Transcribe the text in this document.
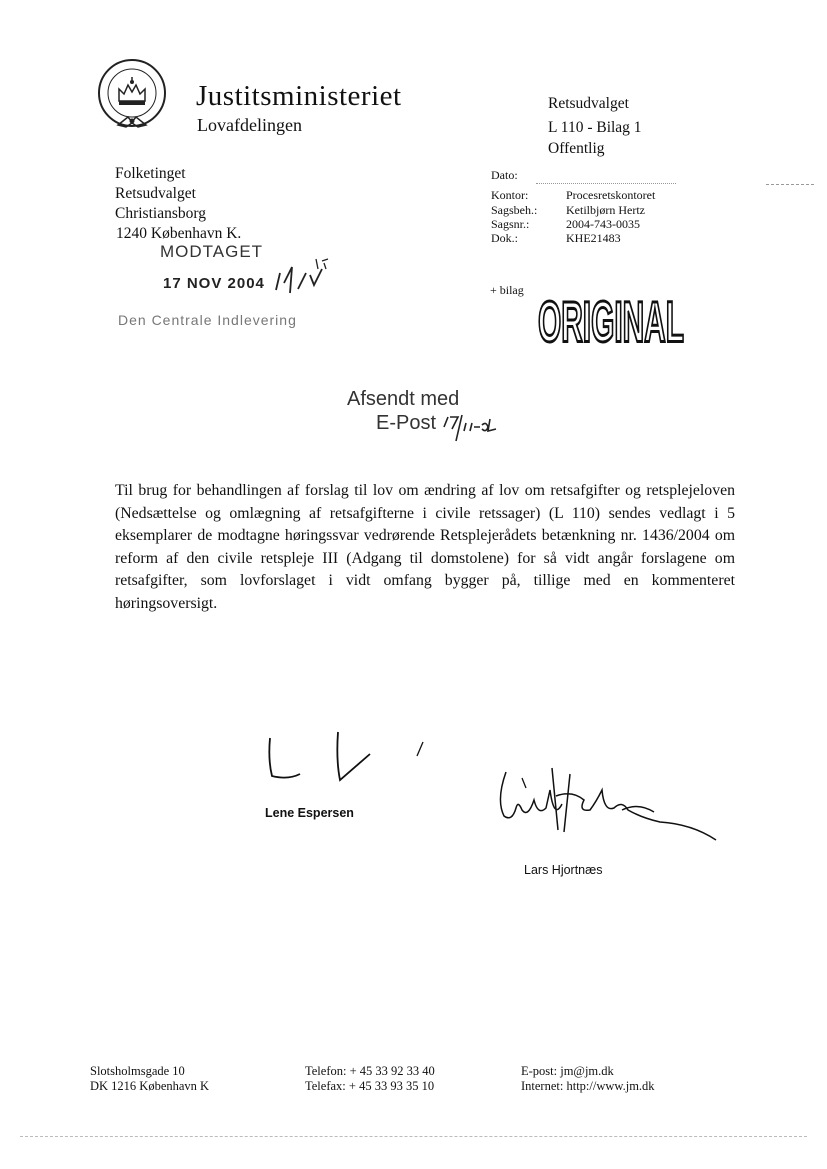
Justitsministeriet
Lovafdelingen
Retsudvalget
L 110 - Bilag 1
Offentlig
Folketinget
Retsudvalget
Christiansborg
1240 København K.
Dato:
Kontor:	Procesretskontoret
Sagsbeh.: Ketilbjørn Hertz
Sagsnr.:	2004-743-0035
Dok.:	KHE21483
+ bilag
ORIGINAL
MODTAGET
17 NOV 2004
Den Centrale Indlevering
Afsendt med
E-Post
Til brug for behandlingen af forslag til lov om ændring af lov om retsafgifter og retsplejeloven (Nedsættelse og omlægning af retsafgifterne i civile retssager) (L 110) sendes vedlagt i 5 eksemplarer de modtagne høringssvar vedrørende Retsplejerådets betænkning nr. 1436/2004 om reform af den civile retspleje III (Adgang til domstolene) for så vidt angår forslagene om retsafgifter, som lovforslaget i vidt omfang bygger på, tillige med en kommenteret høringsoversigt.
Lene Espersen
Lars Hjortnæs
Slotsholmsgade 10
DK 1216 København K
Telefon: + 45 33 92 33 40
Telefax: + 45 33 93 35 10
E-post: jm@jm.dk
Internet: http://www.jm.dk
